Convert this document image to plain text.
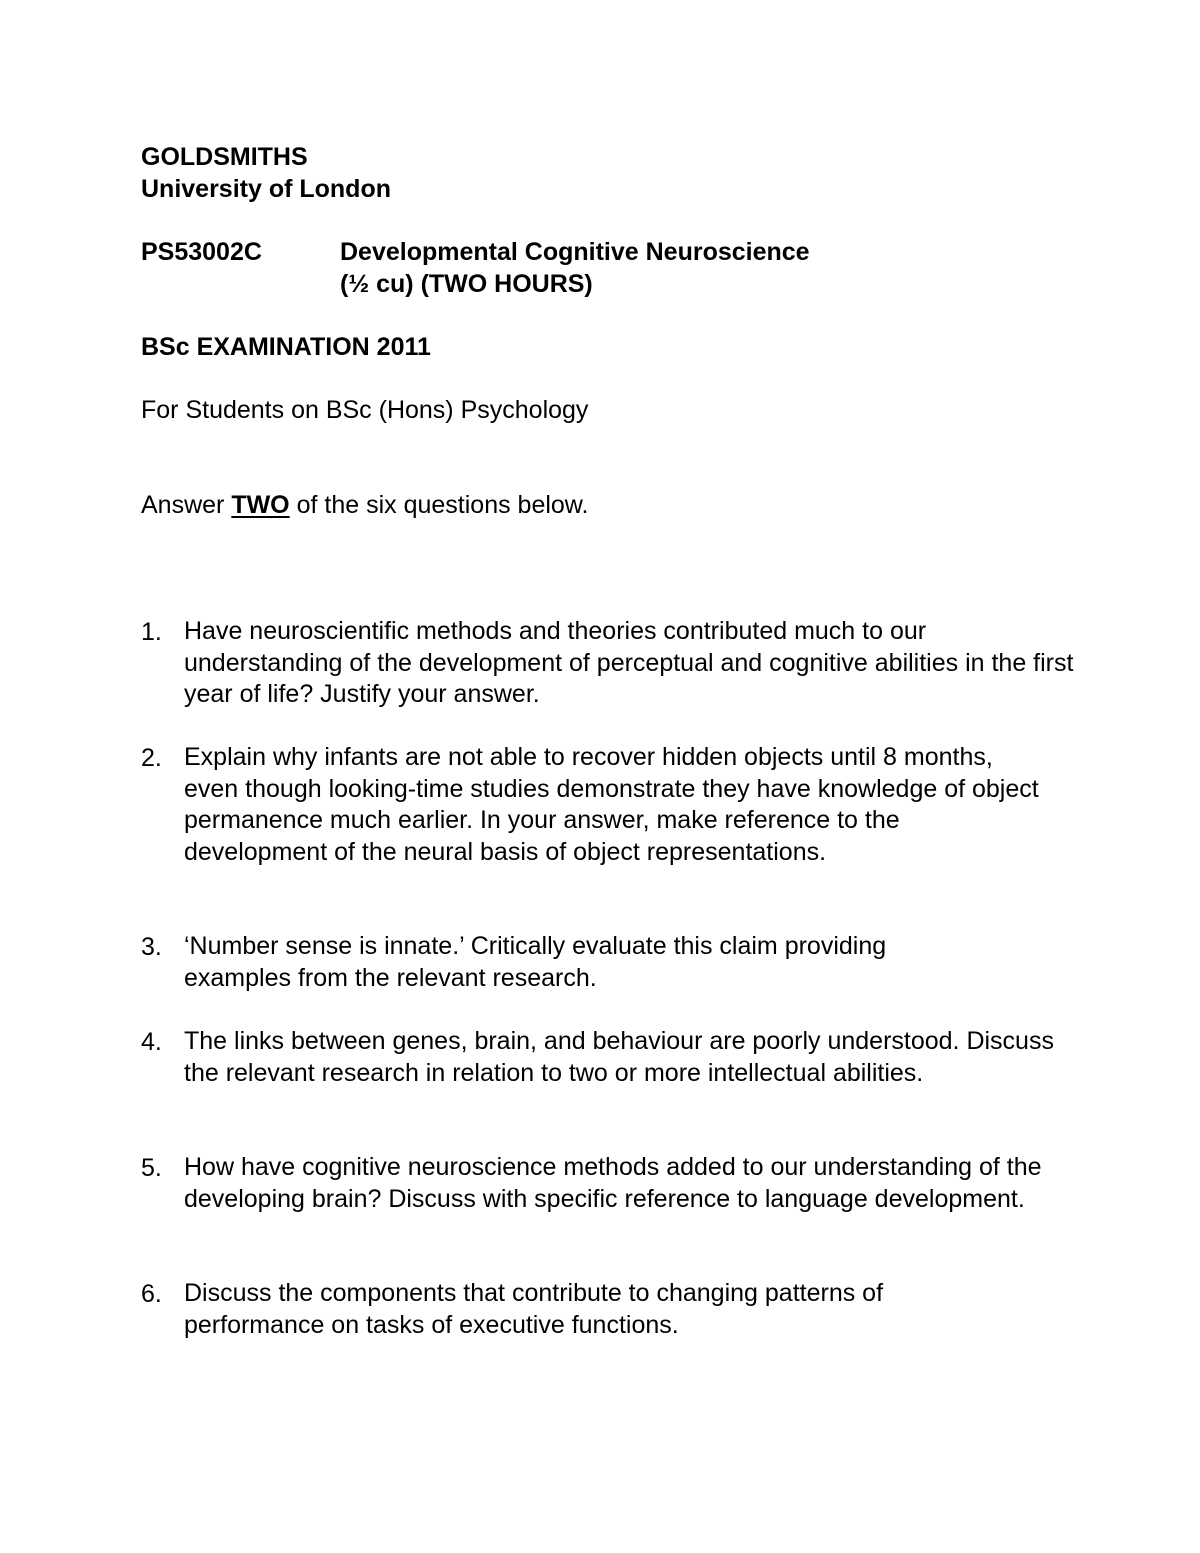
GOLDSMITHS
University of London
PS53002C	Developmental Cognitive Neuroscience
(½ cu) (TWO HOURS)
BSc EXAMINATION 2011
For Students on BSc (Hons) Psychology
Answer TWO of the six questions below.
1. Have neuroscientific methods and theories contributed much to our understanding of the development of perceptual and cognitive abilities in the first year of life? Justify your answer.
2. Explain why infants are not able to recover hidden objects until 8 months, even though looking-time studies demonstrate they have knowledge of object permanence much earlier. In your answer, make reference to the development of the neural basis of object representations.
3. ‘Number sense is innate.’ Critically evaluate this claim providing examples from the relevant research.
4. The links between genes, brain, and behaviour are poorly understood. Discuss the relevant research in relation to two or more intellectual abilities.
5. How have cognitive neuroscience methods added to our understanding of the developing brain? Discuss with specific reference to language development.
6. Discuss the components that contribute to changing patterns of performance on tasks of executive functions.
